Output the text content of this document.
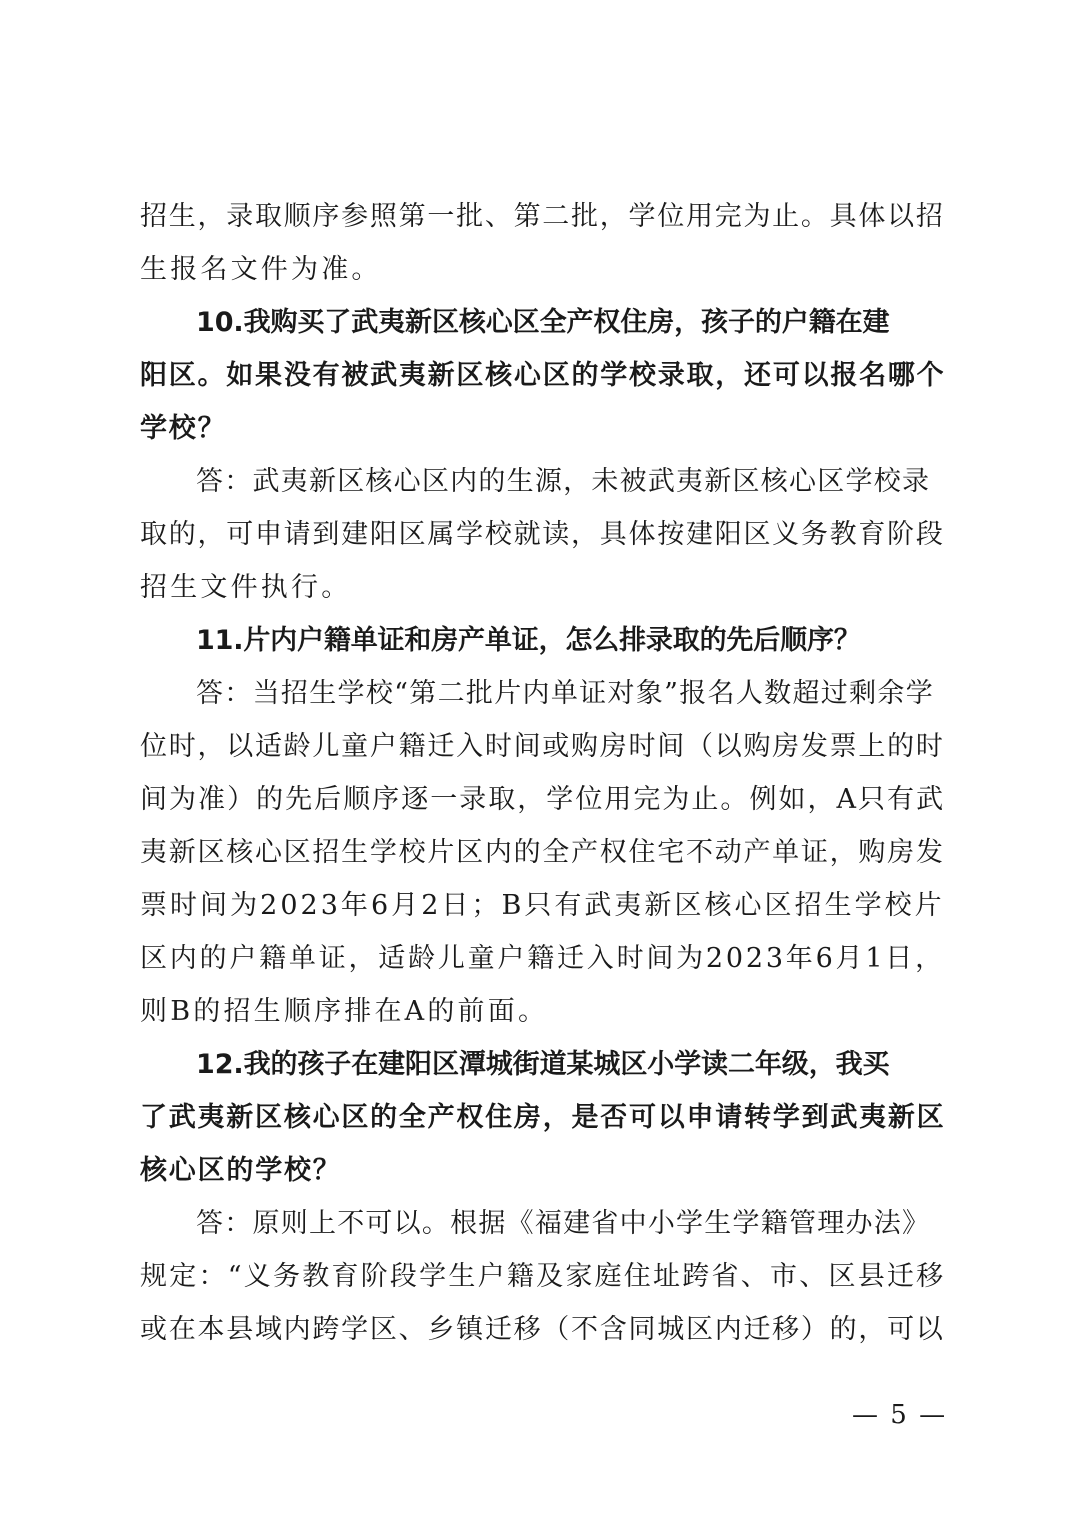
招生，录取顺序参照第一批、第二批，学位用完为止。具体以招
生报名文件为准。
10.我购买了武夷新区核心区全产权住房，孩子的户籍在建
阳区。如果没有被武夷新区核心区的学校录取，还可以报名哪个
学校？
答：武夷新区核心区内的生源，未被武夷新区核心区学校录
取的，可申请到建阳区属学校就读，具体按建阳区义务教育阶段
招生文件执行。
11.片内户籍单证和房产单证，怎么排录取的先后顺序？
答：当招生学校“第二批片内单证对象”报名人数超过剩余学
位时，以适龄儿童户籍迁入时间或购房时间（以购房发票上的时
间为准）的先后顺序逐一录取，学位用完为止。例如，A只有武
夷新区核心区招生学校片区内的全产权住宅不动产单证，购房发
票时间为2023年6月2日；B只有武夷新区核心区招生学校片
区内的户籍单证，适龄儿童户籍迁入时间为2023年6月1日，
则B的招生顺序排在A的前面。
12.我的孩子在建阳区潭城街道某城区小学读二年级，我买
了武夷新区核心区的全产权住房，是否可以申请转学到武夷新区
核心区的学校？
答：原则上不可以。根据《福建省中小学生学籍管理办法》
规定：“义务教育阶段学生户籍及家庭住址跨省、市、区县迁移
或在本县域内跨学区、乡镇迁移（不含同城区内迁移）的，可以
— 5 —
